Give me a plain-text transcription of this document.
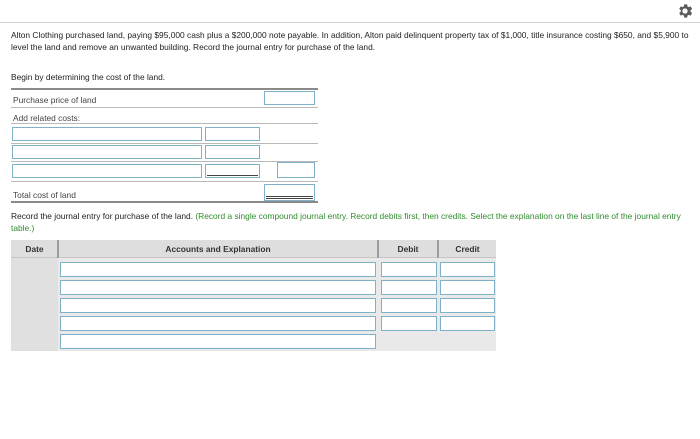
Alton Clothing purchased land, paying $95,000 cash plus a $200,000 note payable. In addition, Alton paid delinquent property tax of $1,000, title insurance costing $650, and $5,900 to level the land and remove an unwanted building. Record the journal entry for purchase of the land.
Begin by determining the cost of the land.
Purchase price of land
Add related costs:
Total cost of land
Record the journal entry for purchase of the land. (Record a single compound journal entry. Record debits first, then credits. Select the explanation on the last line of the journal entry table.)
Date	Accounts and Explanation	Debit	Credit
